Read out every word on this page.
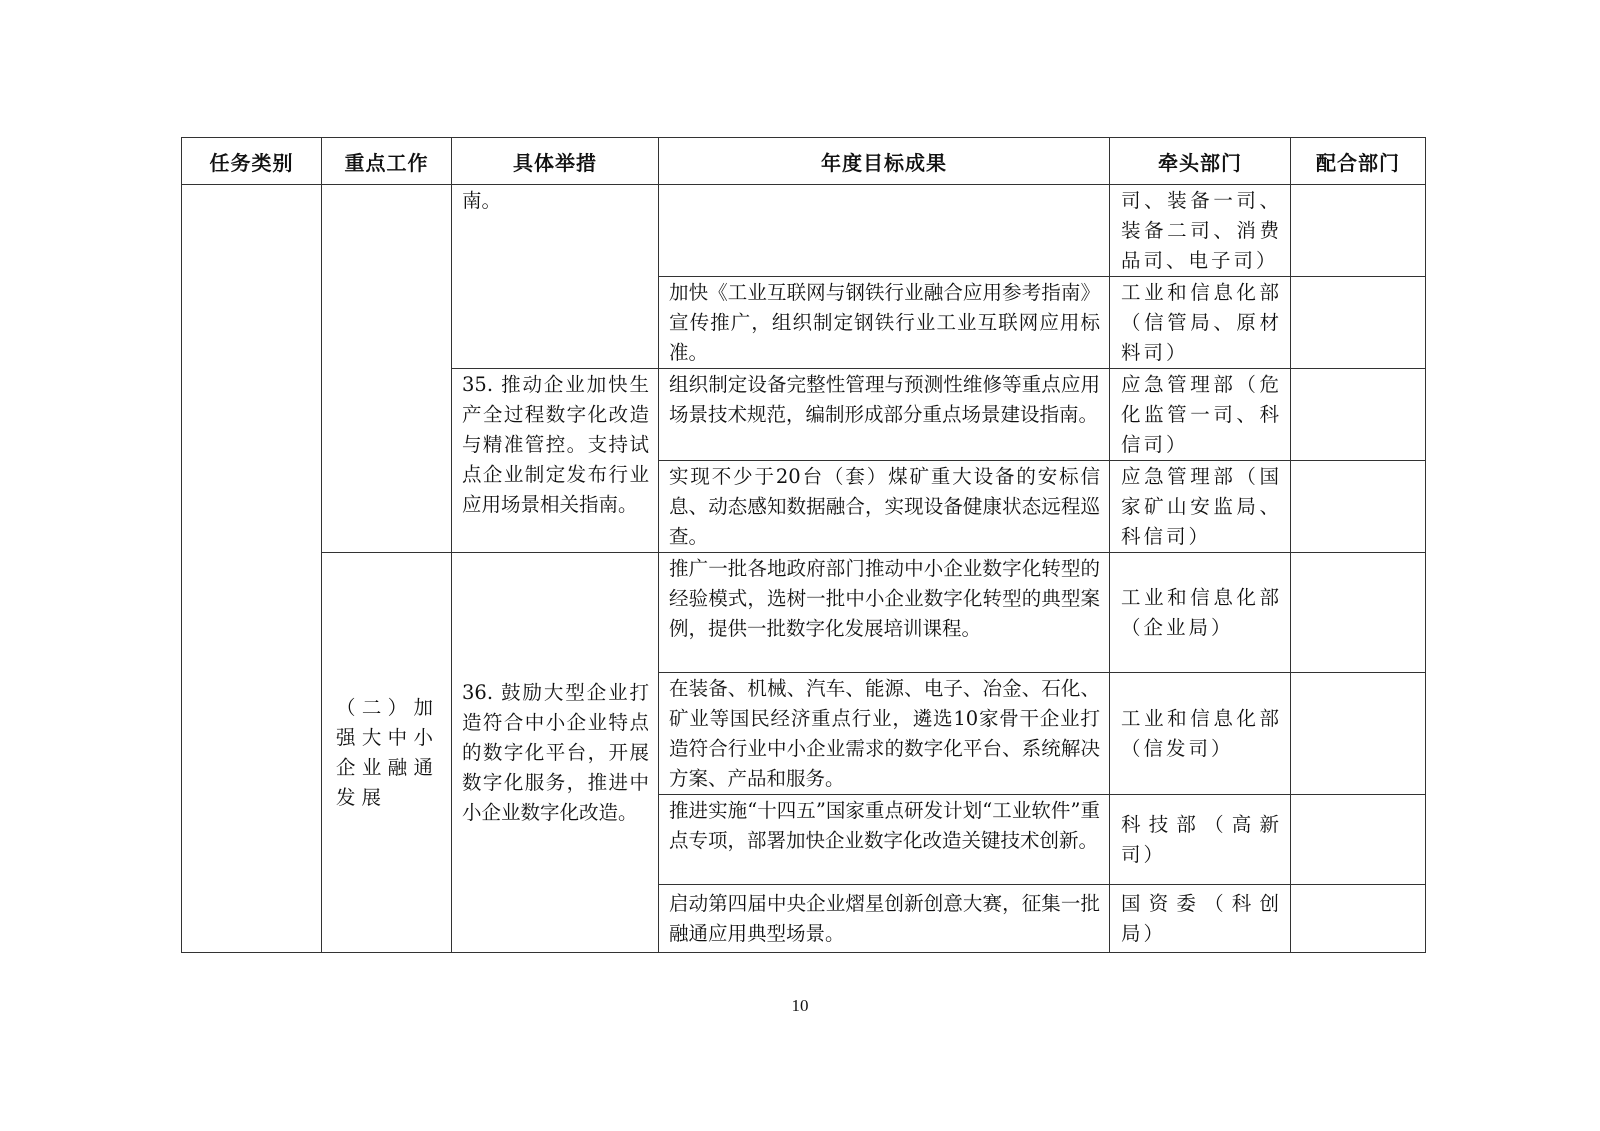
任务类别	重点工作	具体举措	年度目标成果	牵头部门	配合部门

		南。		司、装备一司、装备二司、消费品司、电子司）	

			加快《工业互联网与钢铁行业融合应用参考指南》宣传推广，组织制定钢铁行业工业互联网应用标准。	工业和信息化部（信管局、原材料司）	

		35. 推动企业加快生产全过程数字化改造与精准管控。支持试点企业制定发布行业应用场景相关指南。	组织制定设备完整性管理与预测性维修等重点应用场景技术规范，编制形成部分重点场景建设指南。	应急管理部（危化监管一司、科信司）	

			实现不少于20台（套）煤矿重大设备的安标信息、动态感知数据融合，实现设备健康状态远程巡查。	应急管理部（国家矿山安监局、科信司）	

	（二）加强大中小企业融通发展	36. 鼓励大型企业打造符合中小企业特点的数字化平台，开展数字化服务，推进中小企业数字化改造。	推广一批各地政府部门推动中小企业数字化转型的经验模式，选树一批中小企业数字化转型的典型案例，提供一批数字化发展培训课程。	工业和信息化部（企业局）	

			在装备、机械、汽车、能源、电子、冶金、石化、矿业等国民经济重点行业，遴选10家骨干企业打造符合行业中小企业需求的数字化平台、系统解决方案、产品和服务。	工业和信息化部（信发司）	

			推进实施“十四五”国家重点研发计划“工业软件”重点专项，部署加快企业数字化改造关键技术创新。	科技部（高新司）	

			启动第四届中央企业熠星创新创意大赛，征集一批融通应用典型场景。	国资委（科创局）	

10
